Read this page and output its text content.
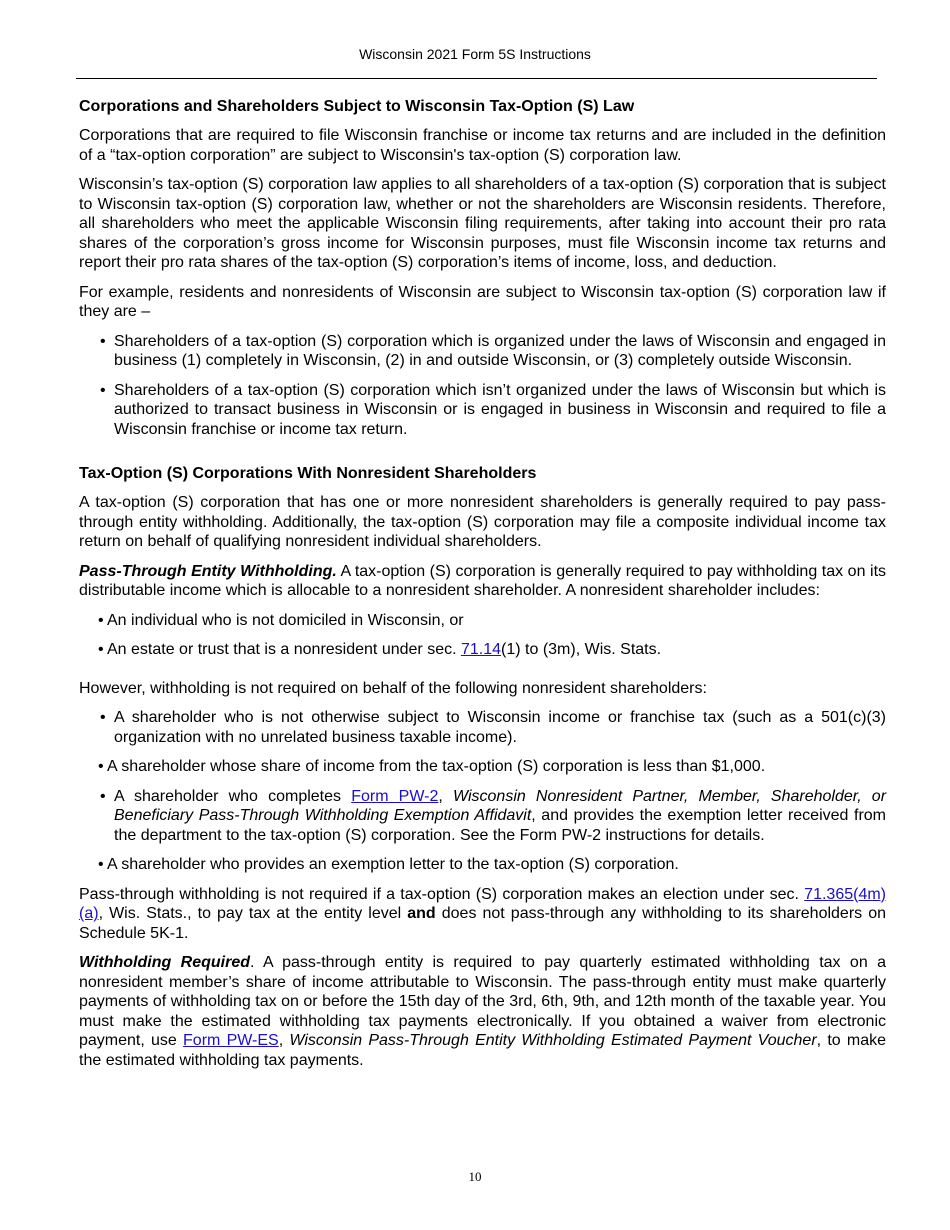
Wisconsin 2021 Form 5S Instructions
Corporations and Shareholders Subject to Wisconsin Tax-Option (S) Law

Corporations that are required to file Wisconsin franchise or income tax returns and are included in the definition of a “tax-option corporation” are subject to Wisconsin's tax-option (S) corporation law.

Wisconsin’s tax-option (S) corporation law applies to all shareholders of a tax-option (S) corporation that is subject to Wisconsin tax-option (S) corporation law, whether or not the shareholders are Wisconsin residents. Therefore, all shareholders who meet the applicable Wisconsin filing requirements, after taking into account their pro rata shares of the corporation’s gross income for Wisconsin purposes, must file Wisconsin income tax returns and report their pro rata shares of the tax-option (S) corporation’s items of income, loss, and deduction.

For example, residents and nonresidents of Wisconsin are subject to Wisconsin tax-option (S) corporation law if they are –

• Shareholders of a tax-option (S) corporation which is organized under the laws of Wisconsin and engaged in business (1) completely in Wisconsin, (2) in and outside Wisconsin, or (3) completely outside Wisconsin.
• Shareholders of a tax-option (S) corporation which isn’t organized under the laws of Wisconsin but which is authorized to transact business in Wisconsin or is engaged in business in Wisconsin and required to file a Wisconsin franchise or income tax return.
Tax-Option (S) Corporations With Nonresident Shareholders

A tax-option (S) corporation that has one or more nonresident shareholders is generally required to pay pass-through entity withholding. Additionally, the tax-option (S) corporation may file a composite individual income tax return on behalf of qualifying nonresident individual shareholders.

Pass-Through Entity Withholding. A tax-option (S) corporation is generally required to pay withholding tax on its distributable income which is allocable to a nonresident shareholder. A nonresident shareholder includes:

• An individual who is not domiciled in Wisconsin, or
• An estate or trust that is a nonresident under sec. 71.14(1) to (3m), Wis. Stats.

However, withholding is not required on behalf of the following nonresident shareholders:

• A shareholder who is not otherwise subject to Wisconsin income or franchise tax (such as a 501(c)(3) organization with no unrelated business taxable income).
• A shareholder whose share of income from the tax-option (S) corporation is less than $1,000.
• A shareholder who completes Form PW-2, Wisconsin Nonresident Partner, Member, Shareholder, or Beneficiary Pass-Through Withholding Exemption Affidavit, and provides the exemption letter received from the department to the tax-option (S) corporation. See the Form PW-2 instructions for details.
• A shareholder who provides an exemption letter to the tax-option (S) corporation.

Pass-through withholding is not required if a tax-option (S) corporation makes an election under sec. 71.365(4m)(a), Wis. Stats., to pay tax at the entity level and does not pass-through any withholding to its shareholders on Schedule 5K-1.

Withholding Required. A pass-through entity is required to pay quarterly estimated withholding tax on a nonresident member’s share of income attributable to Wisconsin. The pass-through entity must make quarterly payments of withholding tax on or before the 15th day of the 3rd, 6th, 9th, and 12th month of the taxable year. You must make the estimated withholding tax payments electronically. If you obtained a waiver from electronic payment, use Form PW-ES, Wisconsin Pass-Through Entity Withholding Estimated Payment Voucher, to make the estimated withholding tax payments.

10
